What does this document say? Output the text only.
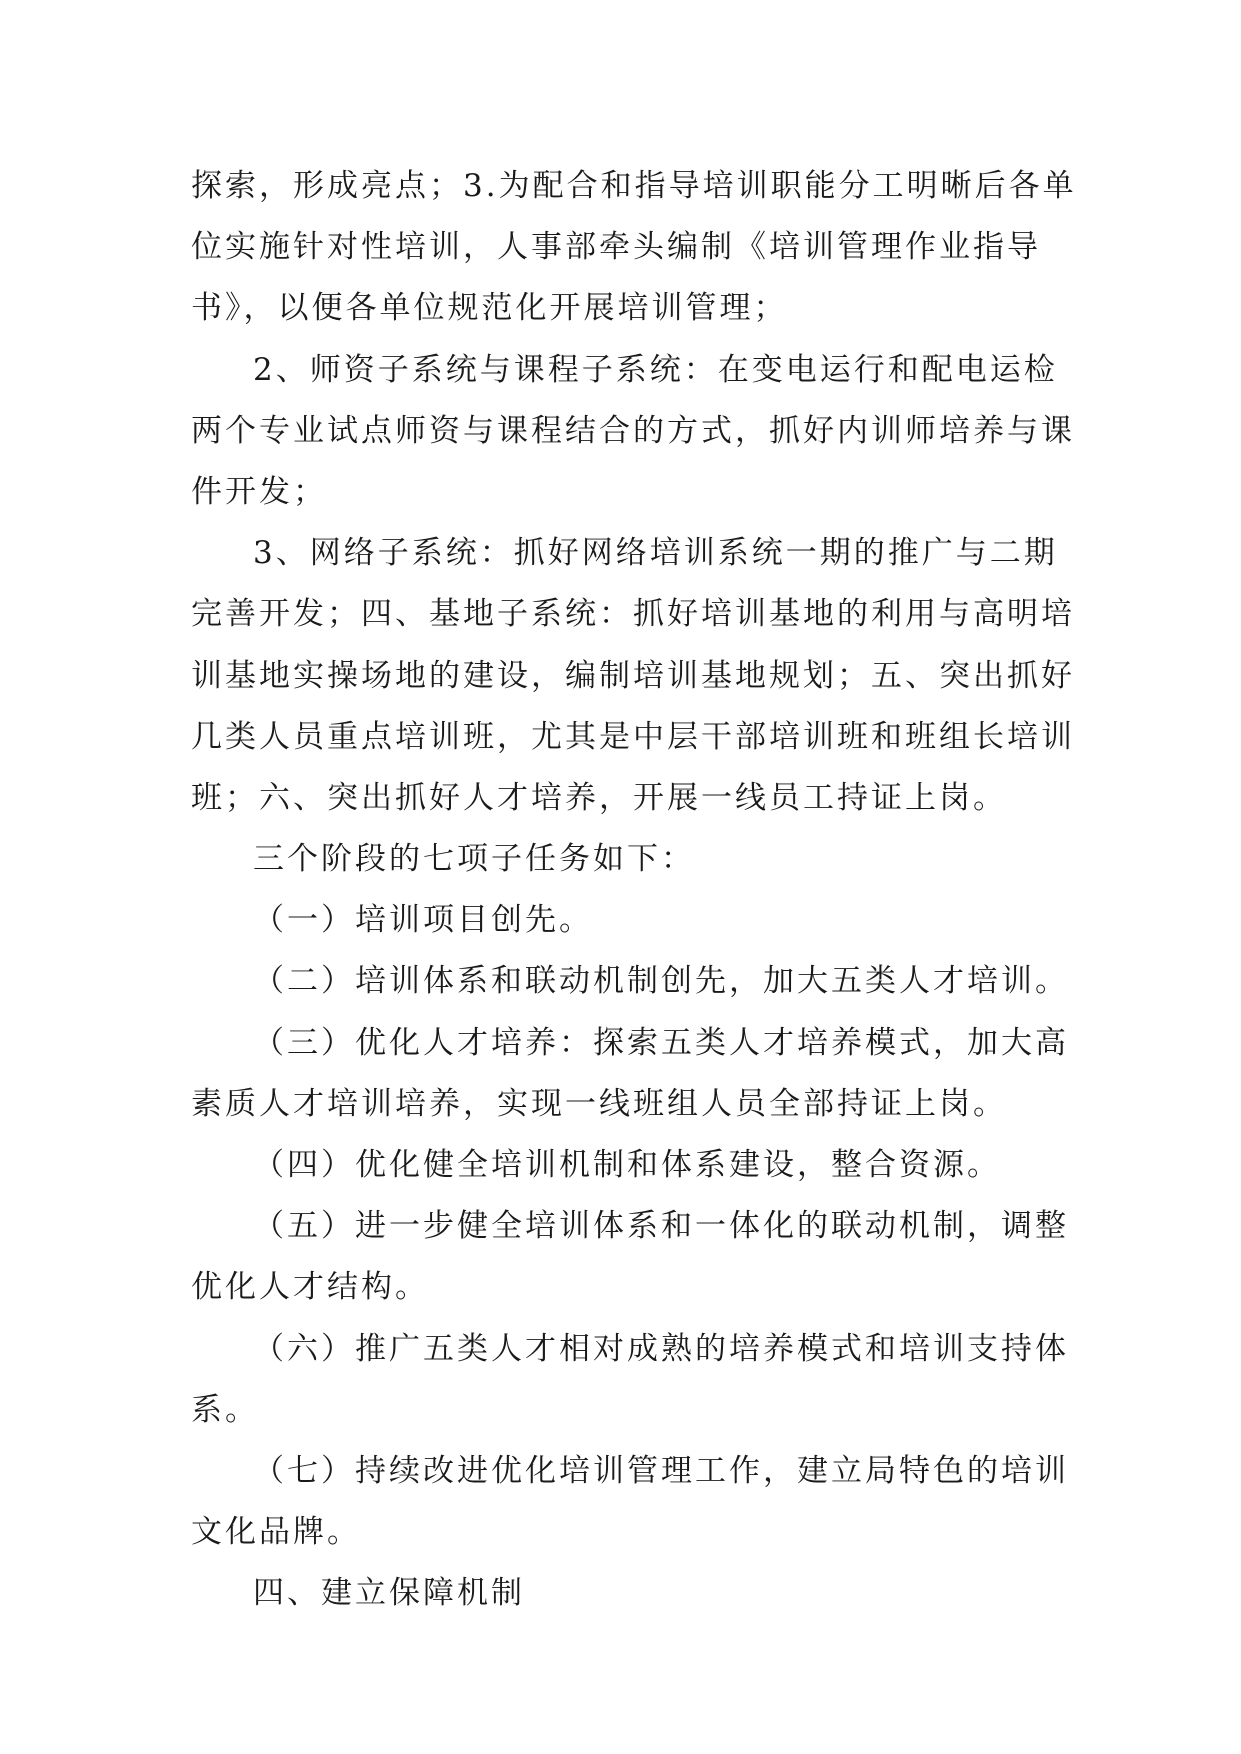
探索，形成亮点；3.为配合和指导培训职能分工明晰后各单
位实施针对性培训，人事部牵头编制《培训管理作业指导
书》，以便各单位规范化开展培训管理；
2、师资子系统与课程子系统：在变电运行和配电运检
两个专业试点师资与课程结合的方式，抓好内训师培养与课
件开发；
3、网络子系统：抓好网络培训系统一期的推广与二期
完善开发；四、基地子系统：抓好培训基地的利用与高明培
训基地实操场地的建设，编制培训基地规划；五、突出抓好
几类人员重点培训班，尤其是中层干部培训班和班组长培训
班；六、突出抓好人才培养，开展一线员工持证上岗。
三个阶段的七项子任务如下：
（一）培训项目创先。
（二）培训体系和联动机制创先，加大五类人才培训。
（三）优化人才培养：探索五类人才培养模式，加大高
素质人才培训培养，实现一线班组人员全部持证上岗。
（四）优化健全培训机制和体系建设，整合资源。
（五）进一步健全培训体系和一体化的联动机制，调整
优化人才结构。
（六）推广五类人才相对成熟的培养模式和培训支持体
系。
（七）持续改进优化培训管理工作，建立局特色的培训
文化品牌。
四、建立保障机制
